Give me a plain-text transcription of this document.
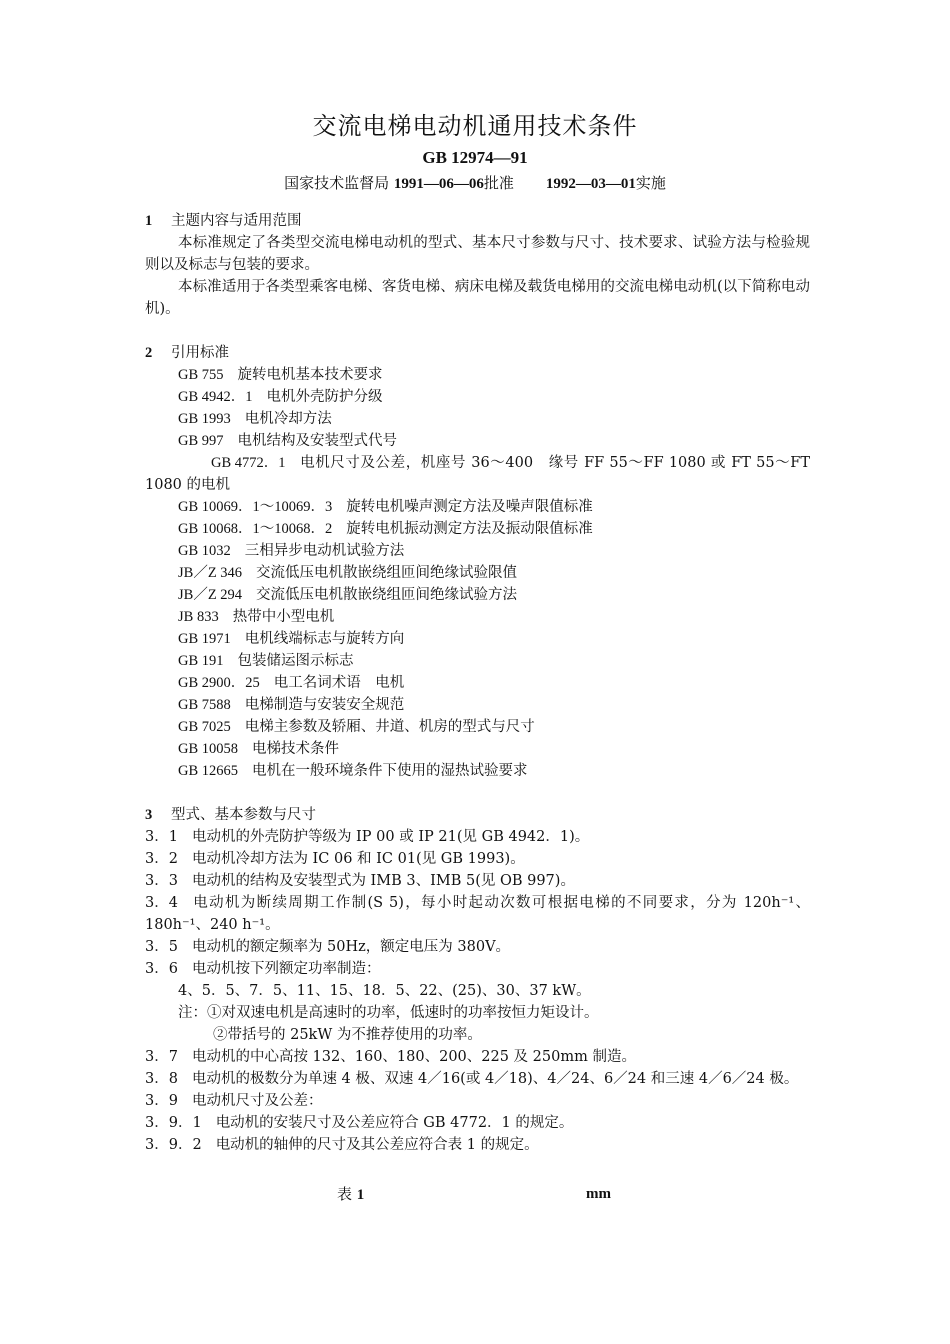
交流电梯电动机通用技术条件
GB 12974—91
国家技术监督局 1991—06—06批准 1992—03—01实施
1 主题内容与适用范围
本标准规定了各类型交流电梯电动机的型式、基本尺寸参数与尺寸、技术要求、试验方法与检验规则以及标志与包装的要求。
本标准适用于各类型乘客电梯、客货电梯、病床电梯及载货电梯用的交流电梯电动机(以下简称电动机)。
2 引用标准
GB 755 旋转电机基本技术要求
GB 4942．1 电机外壳防护分级
GB 1993 电机冷却方法
GB 997 电机结构及安装型式代号
GB 4772．1 电机尺寸及公差，机座号 36～400　缘号 FF 55～FF 1080 或 FT 55～FT 1080 的电机
GB 10069．1～10069．3 旋转电机噪声测定方法及噪声限值标准
GB 10068．1～10068．2 旋转电机振动测定方法及振动限值标准
GB 1032 三相异步电动机试验方法
JB／Z 346 交流低压电机散嵌绕组匝间绝缘试验限值
JB／Z 294 交流低压电机散嵌绕组匝间绝缘试验方法
JB 833 热带中小型电机
GB 1971 电机线端标志与旋转方向
GB 191 包装储运图示标志
GB 2900．25 电工名词术语　电机
GB 7588 电梯制造与安装安全规范
GB 7025 电梯主参数及轿厢、井道、机房的型式与尺寸
GB 10058 电梯技术条件
GB 12665 电机在一般环境条件下使用的湿热试验要求
3 型式、基本参数与尺寸
3．1 电动机的外壳防护等级为 IP 00 或 IP 21(见 GB 4942．1)。
3．2 电动机冷却方法为 IC 06 和 IC 01(见 GB 1993)。
3．3 电动机的结构及安装型式为 IMB 3、IMB 5(见 OB 997)。
3．4 电动机为断续周期工作制(S 5)，每小时起动次数可根据电梯的不同要求，分为 120h⁻¹、180h⁻¹、240 h⁻¹。
3．5 电动机的额定频率为 50Hz，额定电压为 380V。
3．6 电动机按下列额定功率制造：
4、5．5、7．5、11、15、18．5、22、(25)、30、37 kW。
注：①对双速电机是高速时的功率，低速时的功率按恒力矩设计。
②带括号的 25kW 为不推荐使用的功率。
3．7 电动机的中心高按 132、160、180、200、225 及 250mm 制造。
3．8 电动机的极数分为单速 4 极、双速 4／16(或 4／18)、4／24、6／24 和三速 4／6／24 极。
3．9 电动机尺寸及公差：
3．9．1 电动机的安装尺寸及公差应符合 GB 4772．1 的规定。
3．9．2 电动机的轴伸的尺寸及其公差应符合表 1 的规定。
表 1	mm
